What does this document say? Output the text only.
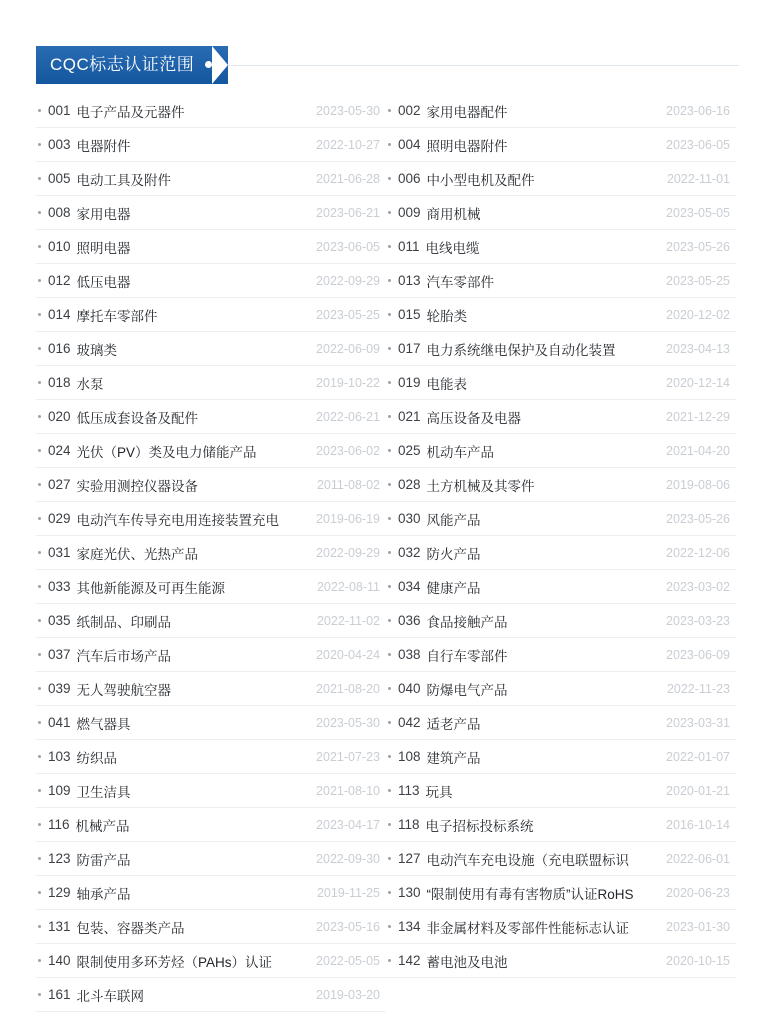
CQC标志认证范围
001 电子产品及元器件	2023-05-30 002 家用电器配件	2023-06-16
003 电器附件	2022-10-27 004 照明电器附件	2023-06-05
005 电动工具及附件	2021-06-28 006 中小型电机及配件	2022-11-01
008 家用电器	2023-06-21 009 商用机械	2023-05-05
010 照明电器	2023-06-05 011 电线电缆	2023-05-26
012 低压电器	2022-09-29 013 汽车零部件	2023-05-25
014 摩托车零部件	2023-05-25 015 轮胎类	2020-12-02
016 玻璃类	2022-06-09 017 电力系统继电保护及自动化装置	2023-04-13
018 水泵	2019-10-22 019 电能表	2020-12-14
020 低压成套设备及配件	2022-06-21 021 高压设备及电器	2021-12-29
024 光伏（PV）类及电力储能产品	2023-06-02 025 机动车产品	2021-04-20
027 实验用测控仪器设备	2011-08-02 028 土方机械及其零件	2019-08-06
029 电动汽车传导充电用连接装置充电	2019-06-19 030 风能产品	2023-05-26
031 家庭光伏、光热产品	2022-09-29 032 防火产品	2022-12-06
033 其他新能源及可再生能源	2022-08-11 034 健康产品	2023-03-02
035 纸制品、印刷品	2022-11-02 036 食品接触产品	2023-03-23
037 汽车后市场产品	2020-04-24 038 自行车零部件	2023-06-09
039 无人驾驶航空器	2021-08-20 040 防爆电气产品	2022-11-23
041 燃气器具	2023-05-30 042 适老产品	2023-03-31
103 纺织品	2021-07-23 108 建筑产品	2022-01-07
109 卫生洁具	2021-08-10 113 玩具	2020-01-21
116 机械产品	2023-04-17 118 电子招标投标系统	2016-10-14
123 防雷产品	2022-09-30 127 电动汽车充电设施（充电联盟标识	2022-06-01
129 轴承产品	2019-11-25 130 “限制使用有毒有害物质”认证RoHS	2020-06-23
131 包装、容器类产品	2023-05-16 134 非金属材料及零部件性能标志认证	2023-01-30
140 限制使用多环芳烃（PAHs）认证	2022-05-05 142 蓄电池及电池	2020-10-15
161 北斗车联网	2019-03-20
